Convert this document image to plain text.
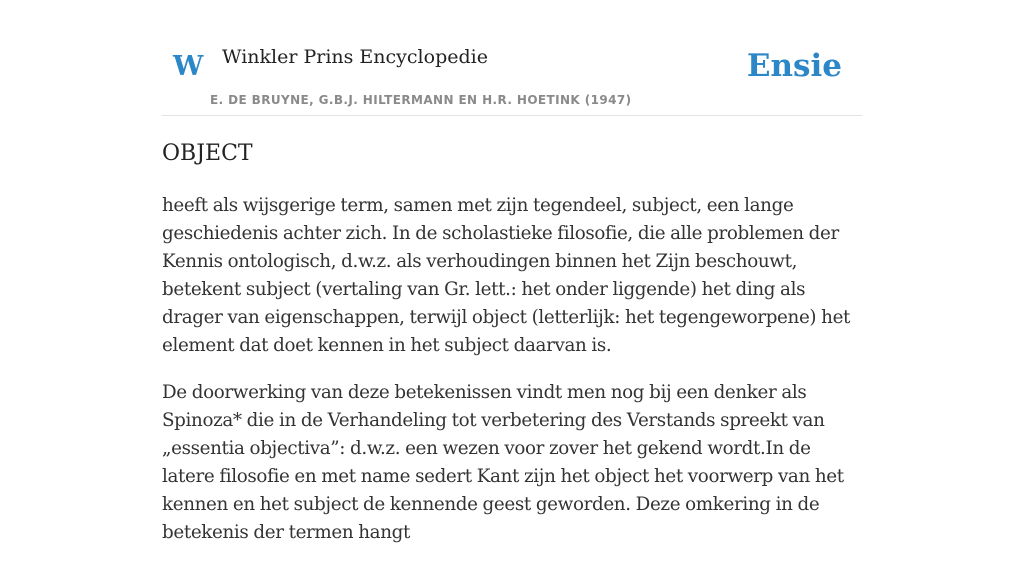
W Winkler Prins Encyclopedie
E. DE BRUYNE, G.B.J. HILTERMANN EN H.R. HOETINK (1947)
Ensie
OBJECT

heeft als wijsgerige term, samen met zijn tegendeel, subject, een lange geschiedenis achter zich. In de scholastieke filosofie, die alle problemen der Kennis ontologisch, d.w.z. als verhoudingen binnen het Zijn beschouwt, betekent subject (vertaling van Gr. lett.: het onder liggende) het ding als drager van eigenschappen, terwijl object (letterlijk: het tegengeworpene) het element dat doet kennen in het subject daarvan is.

De doorwerking van deze betekenissen vindt men nog bij een denker als Spinoza* die in de Verhandeling tot verbetering des Verstands spreekt van „essentia objectiva”: d.w.z. een wezen voor zover het gekend wordt.In de latere filosofie en met name sedert Kant zijn het object het voorwerp van het kennen en het subject de kennende geest geworden. Deze omkering in de betekenis der termen hangt
